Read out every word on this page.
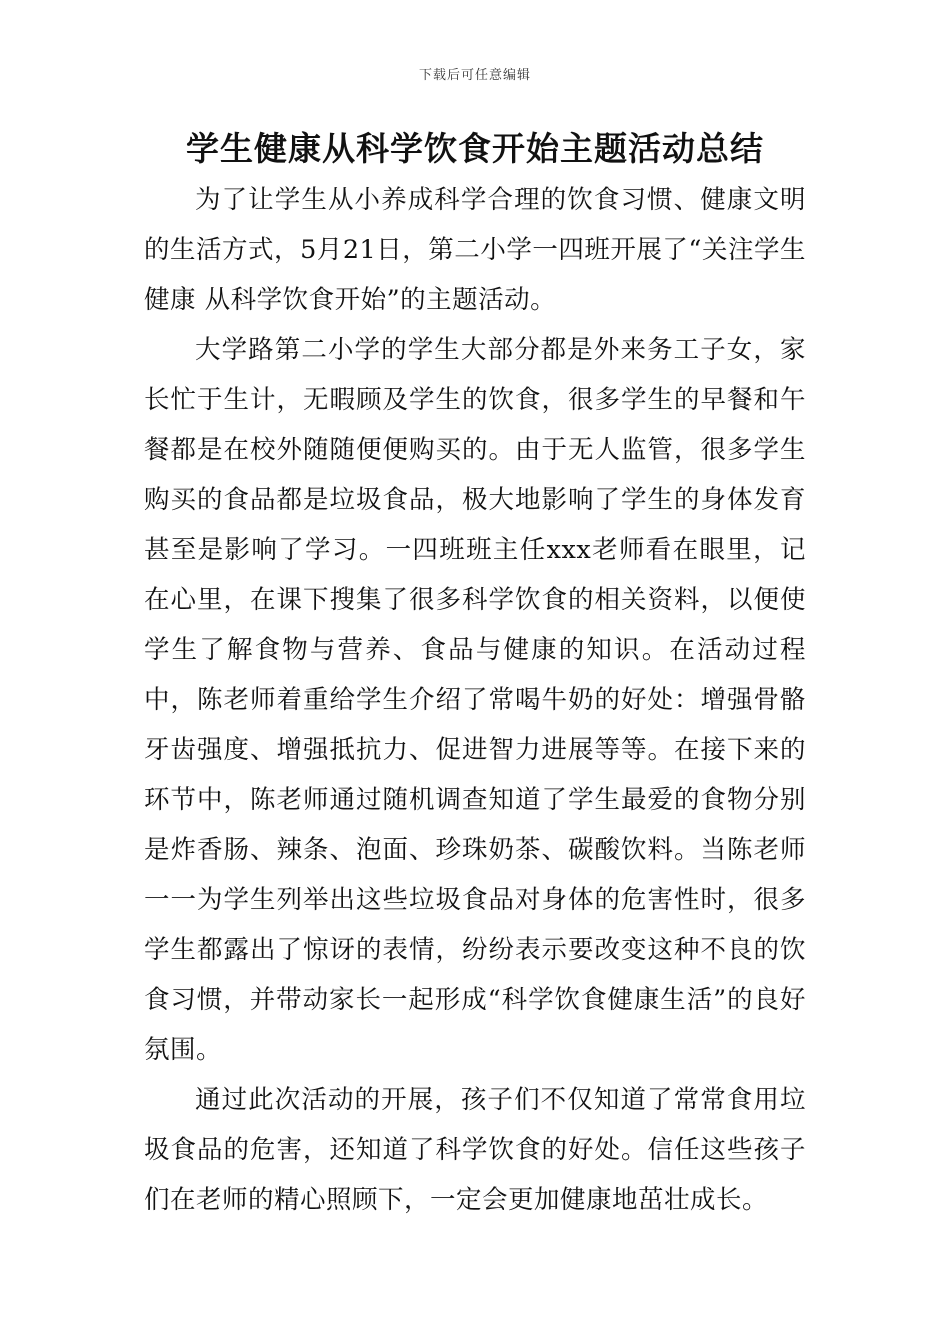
下载后可任意编辑
学生健康从科学饮食开始主题活动总结

为了让学生从小养成科学合理的饮食习惯、健康文明的生活方式，5月21日，第二小学一四班开展了“关注学生健康 从科学饮食开始”的主题活动。

大学路第二小学的学生大部分都是外来务工子女，家长忙于生计，无暇顾及学生的饮食，很多学生的早餐和午餐都是在校外随随便便购买的。由于无人监管，很多学生购买的食品都是垃圾食品，极大地影响了学生的身体发育甚至是影响了学习。一四班班主任xxx老师看在眼里，记在心里，在课下搜集了很多科学饮食的相关资料，以便使学生了解食物与营养、食品与健康的知识。在活动过程中，陈老师着重给学生介绍了常喝牛奶的好处：增强骨骼牙齿强度、增强抵抗力、促进智力进展等等。在接下来的环节中，陈老师通过随机调查知道了学生最爱的食物分别是炸香肠、辣条、泡面、珍珠奶茶、碳酸饮料。当陈老师一一为学生列举出这些垃圾食品对身体的危害性时，很多学生都露出了惊讶的表情，纷纷表示要改变这种不良的饮食习惯，并带动家长一起形成“科学饮食健康生活”的良好氛围。

通过此次活动的开展，孩子们不仅知道了常常食用垃圾食品的危害，还知道了科学饮食的好处。信任这些孩子们在老师的精心照顾下，一定会更加健康地茁壮成长。
